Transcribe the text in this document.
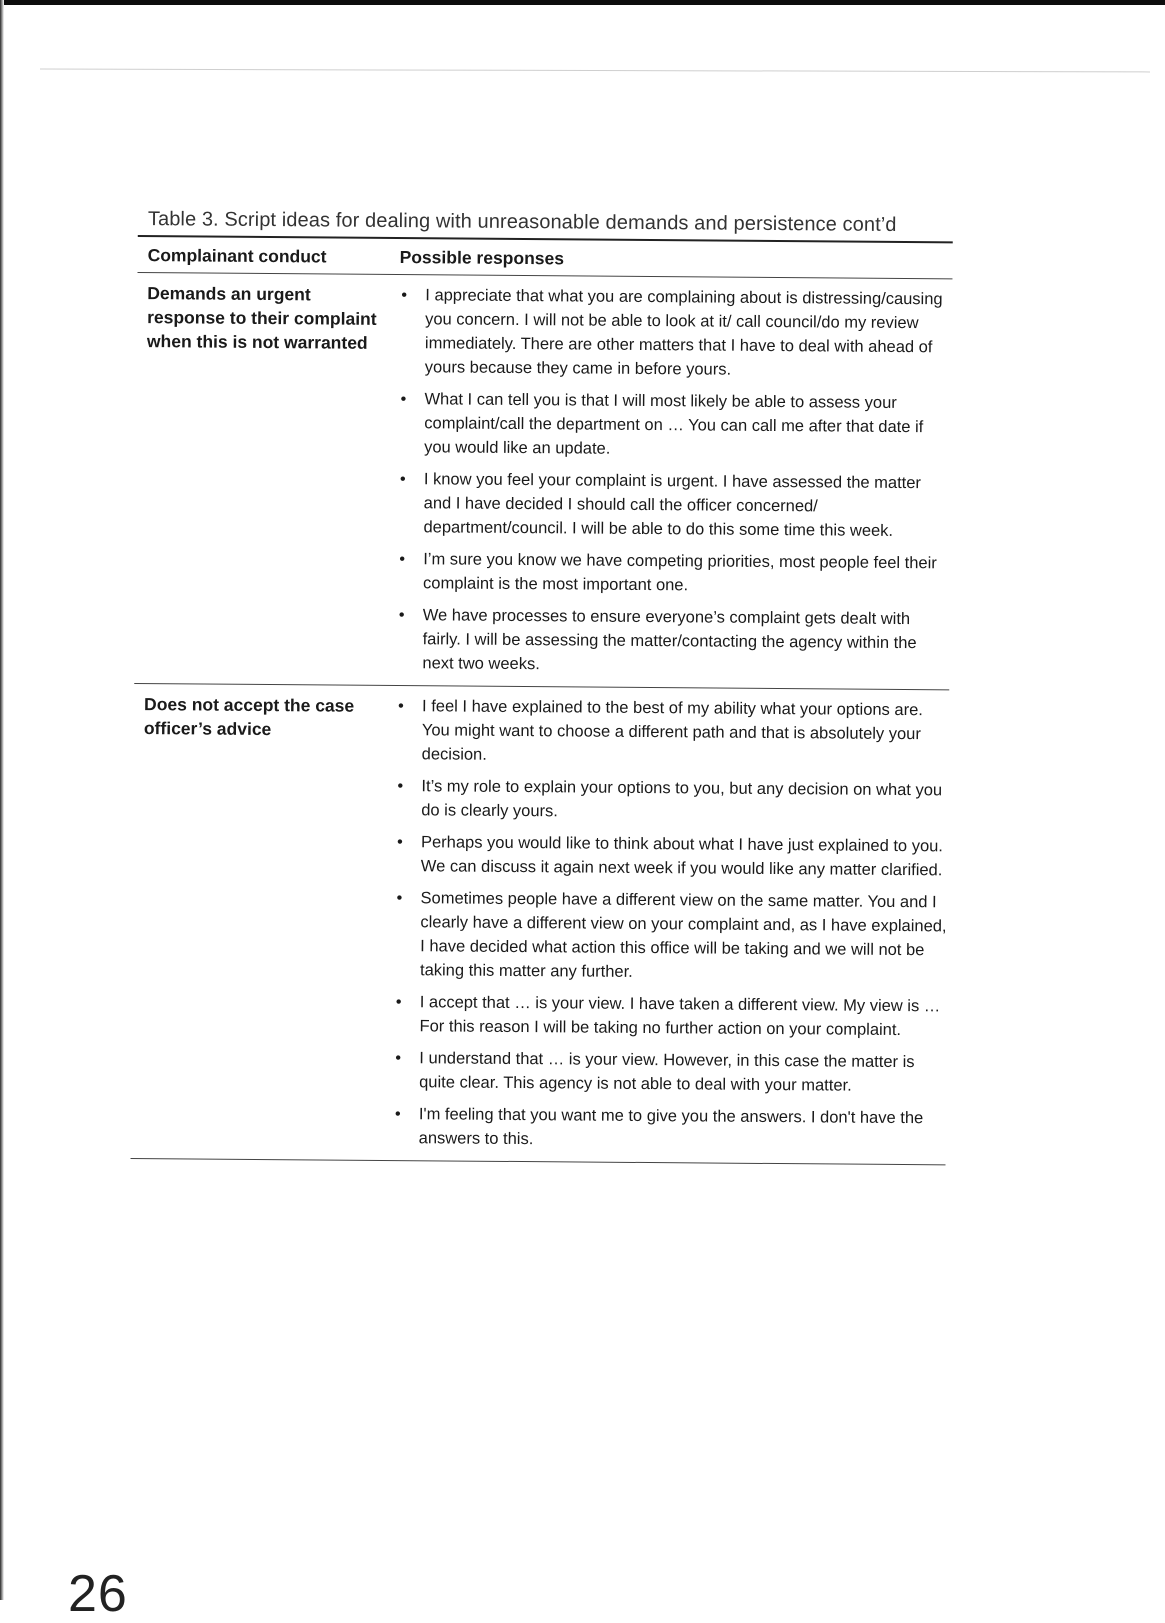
Table 3. Script ideas for dealing with unreasonable demands and persistence cont’d
Complainant conduct	Possible responses
Demands an urgent response to their complaint when this is not warranted
• I appreciate that what you are complaining about is distressing/causing you concern. I will not be able to look at it/ call council/do my review immediately. There are other matters that I have to deal with ahead of yours because they came in before yours.
• What I can tell you is that I will most likely be able to assess your complaint/call the department on … You can call me after that date if you would like an update.
• I know you feel your complaint is urgent. I have assessed the matter and I have decided I should call the officer concerned/ department/council. I will be able to do this some time this week.
• I’m sure you know we have competing priorities, most people feel their complaint is the most important one.
• We have processes to ensure everyone’s complaint gets dealt with fairly. I will be assessing the matter/contacting the agency within the next two weeks.
Does not accept the case officer’s advice
• I feel I have explained to the best of my ability what your options are. You might want to choose a different path and that is absolutely your decision.
• It’s my role to explain your options to you, but any decision on what you do is clearly yours.
• Perhaps you would like to think about what I have just explained to you. We can discuss it again next week if you would like any matter clarified.
• Sometimes people have a different view on the same matter. You and I clearly have a different view on your complaint and, as I have explained, I have decided what action this office will be taking and we will not be taking this matter any further.
• I accept that … is your view. I have taken a different view. My view is … For this reason I will be taking no further action on your complaint.
• I understand that … is your view. However, in this case the matter is quite clear. This agency is not able to deal with your matter.
• I'm feeling that you want me to give you the answers. I don't have the answers to this.
26
